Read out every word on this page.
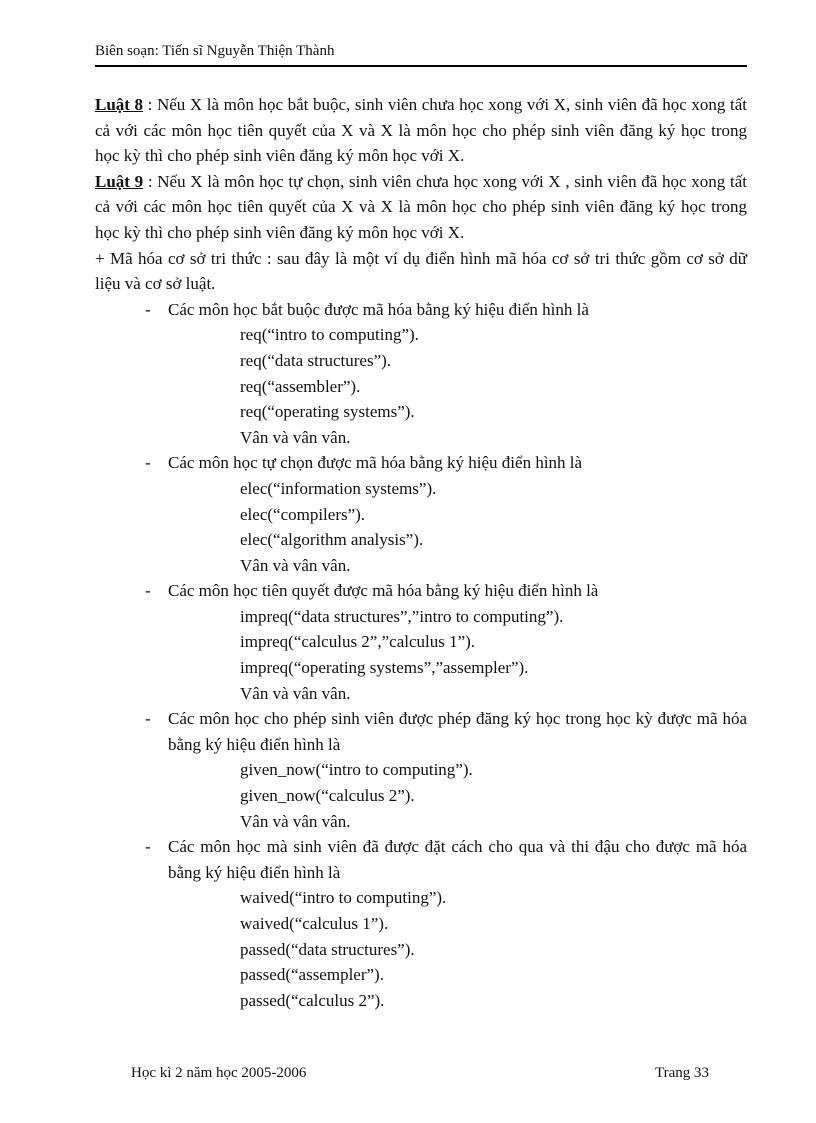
Biên soạn: Tiến sĩ Nguyễn Thiện Thành

Luật 8 : Nếu X là môn học bắt buộc, sinh viên chưa học xong với X, sinh viên đã học xong tất cả với các môn học tiên quyết của X và X là môn học cho phép sinh viên đăng ký học trong học kỳ thì cho phép sinh viên đăng ký môn học với X.

Luật 9 : Nếu X là môn học tự chọn, sinh viên chưa học xong với X , sinh viên đã học xong tất cả với các môn học tiên quyết của X và X là môn học cho phép sinh viên đăng ký học trong học kỳ thì cho phép sinh viên đăng ký môn học với X.

+ Mã hóa cơ sở tri thức : sau đây là một ví dụ điển hình mã hóa cơ sở tri thức gồm cơ sở dữ liệu và cơ sở luật.

- Các môn học bắt buộc được mã hóa bằng ký hiệu điển hình là

req(“intro to computing”).

req(“data structures”).

req(“assembler”).

req(“operating systems”).

Vân và vân vân.

- Các môn học tự chọn được mã hóa bằng ký hiệu điển hình là

elec(“information systems”).

elec(“compilers”).

elec(“algorithm analysis”).

Vân và vân vân.

- Các môn học tiên quyết được mã hóa bằng ký hiệu điển hình là

impreq(“data structures”,”intro to computing”).

impreq(“calculus 2”,”calculus 1”).

impreq(“operating systems”,”assempler”).

Vân và vân vân.

- Các môn học cho phép sinh viên được phép đăng ký học trong học kỳ được mã hóa bằng ký hiệu điển hình là

given_now(“intro to computing”).

given_now(“calculus 2”).

Vân và vân vân.

- Các môn học mà sinh viên đã được đặt cách cho qua và thi đậu cho được mã hóa bằng ký hiệu điển hình là

waived(“intro to computing”).

waived(“calculus 1”).

passed(“data structures”).

passed(“assempler”).

passed(“calculus 2”).

Học kì 2 năm học 2005-2006	Trang 33
